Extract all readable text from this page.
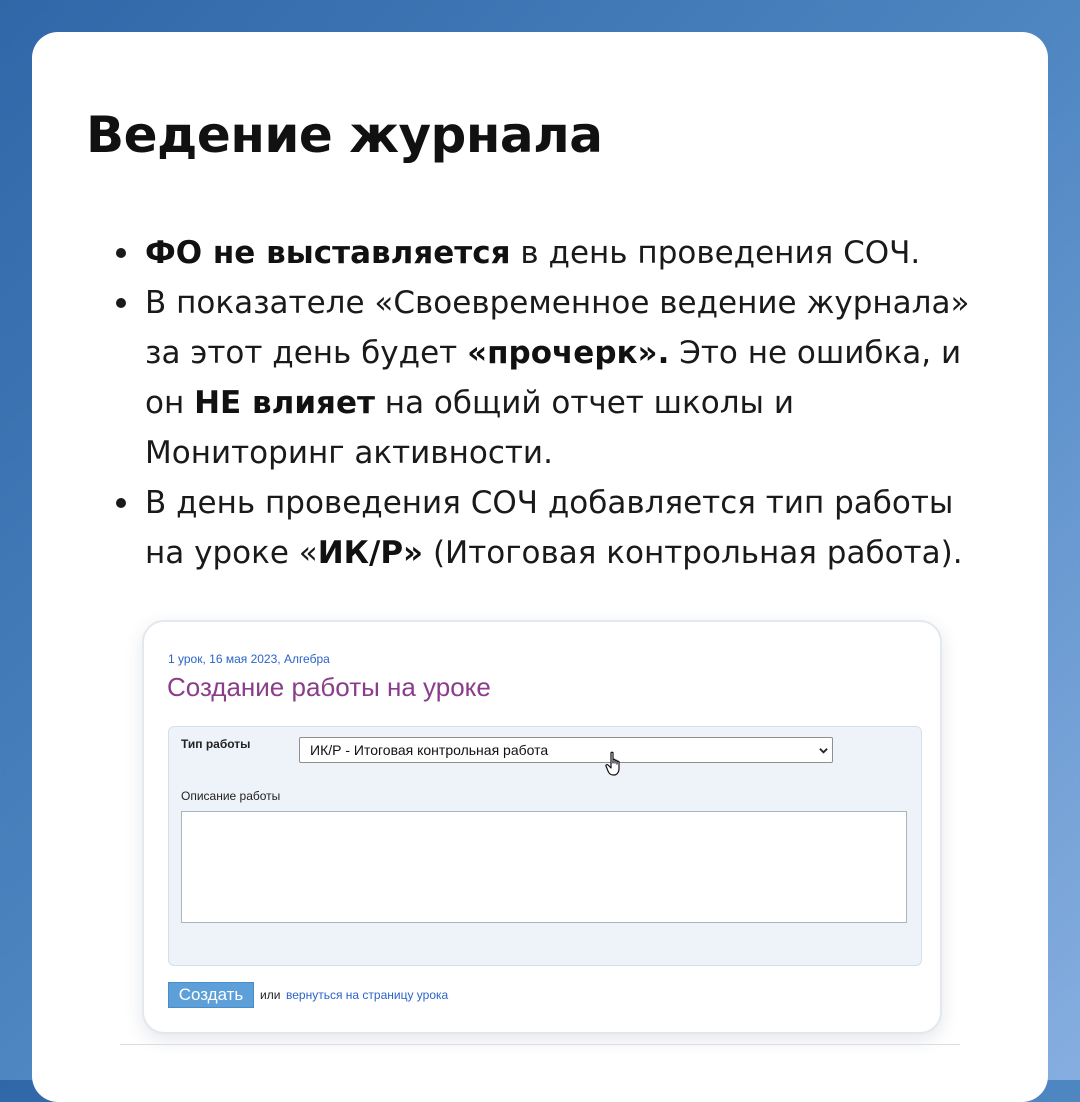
Ведение журнала
ФО не выставляется в день проведения СОЧ.
В показателе «Своевременное ведение журнала» за этот день будет «прочерк». Это не ошибка, и он НЕ влияет на общий отчет школы и Мониторинг активности.
В день проведения СОЧ добавляется тип работы на уроке «ИК/Р» (Итоговая контрольная работа).
1 урок, 16 мая 2023, Алгебра
Создание работы на уроке
Тип работы	ИК/Р - Итоговая контрольная работа
Описание работы
Создать	или вернуться на страницу урока
